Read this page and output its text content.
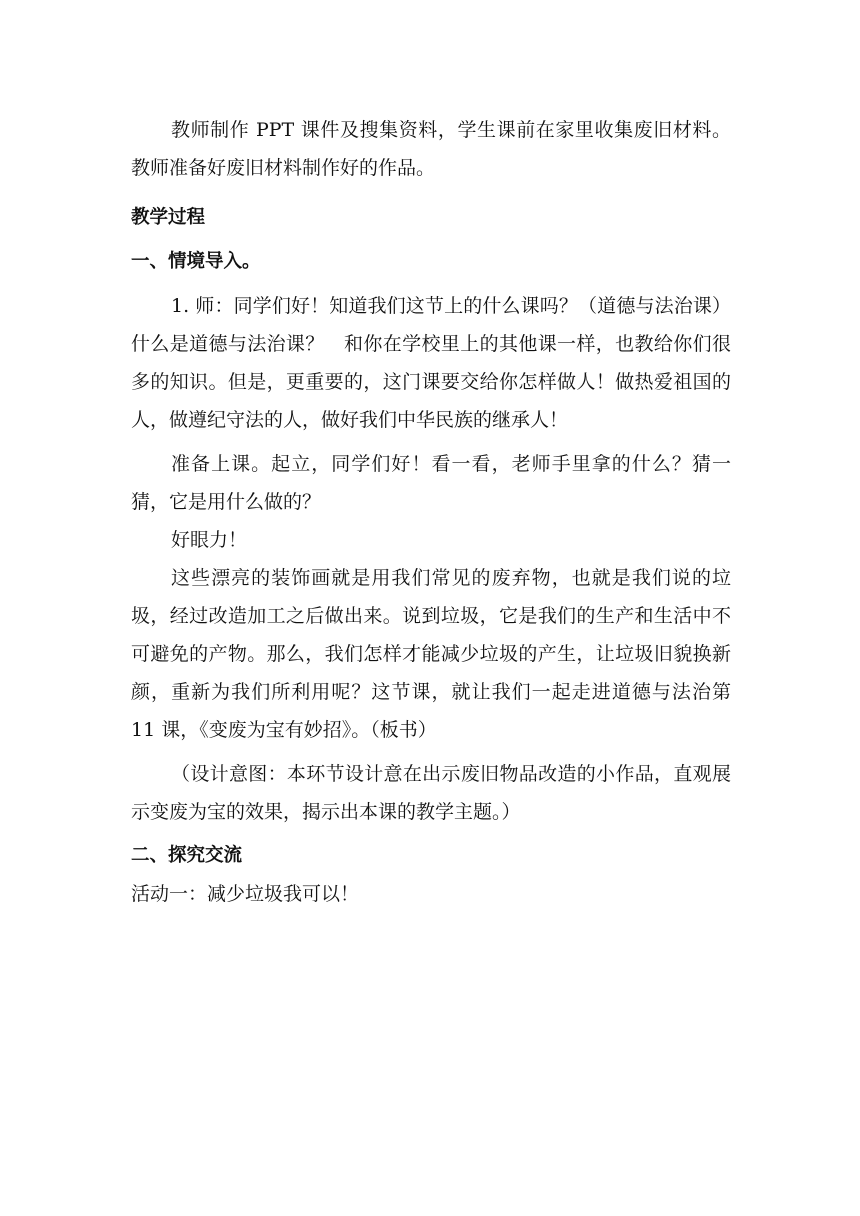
教师制作 PPT 课件及搜集资料，学生课前在家里收集废旧材料。教师准备好废旧材料制作好的作品。

教学过程

一、情境导入。

1. 师：同学们好！知道我们这节上的什么课吗？（道德与法治课）什么是道德与法治课？　和你在学校里上的其他课一样，也教给你们很多的知识。但是，更重要的，这门课要交给你怎样做人！做热爱祖国的人，做遵纪守法的人，做好我们中华民族的继承人！

准备上课。起立，同学们好！看一看，老师手里拿的什么？猜一猜，它是用什么做的？

好眼力！

这些漂亮的装饰画就是用我们常见的废弃物，也就是我们说的垃圾，经过改造加工之后做出来。说到垃圾，它是我们的生产和生活中不可避免的产物。那么，我们怎样才能减少垃圾的产生，让垃圾旧貌换新颜，重新为我们所利用呢？这节课，就让我们一起走进道德与法治第 11 课，《变废为宝有妙招》。（板书）

（设计意图：本环节设计意在出示废旧物品改造的小作品，直观展示变废为宝的效果，揭示出本课的教学主题。）

二、探究交流

活动一：减少垃圾我可以！
